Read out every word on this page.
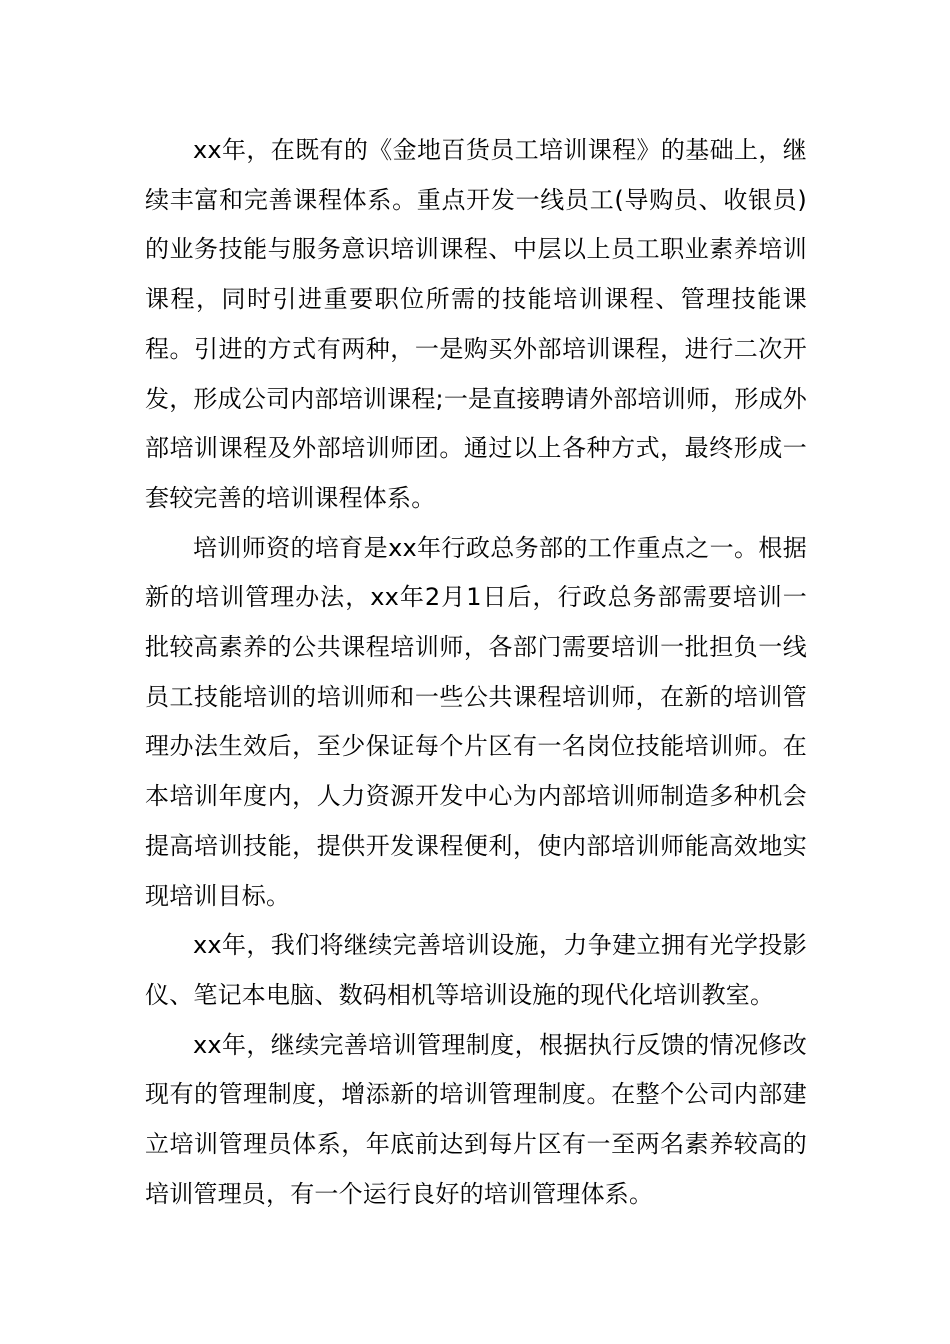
xx年，在既有的《金地百货员工培训课程》的基础上，继续丰富和完善课程体系。重点开发一线员工(导购员、收银员)的业务技能与服务意识培训课程、中层以上员工职业素养培训课程，同时引进重要职位所需的技能培训课程、管理技能课程。引进的方式有两种，一是购买外部培训课程，进行二次开发，形成公司内部培训课程;一是直接聘请外部培训师，形成外部培训课程及外部培训师团。通过以上各种方式，最终形成一套较完善的培训课程体系。

培训师资的培育是xx年行政总务部的工作重点之一。根据新的培训管理办法，xx年2月1日后，行政总务部需要培训一批较高素养的公共课程培训师，各部门需要培训一批担负一线员工技能培训的培训师和一些公共课程培训师，在新的培训管理办法生效后，至少保证每个片区有一名岗位技能培训师。在本培训年度内，人力资源开发中心为内部培训师制造多种机会提高培训技能，提供开发课程便利，使内部培训师能高效地实现培训目标。

xx年，我们将继续完善培训设施，力争建立拥有光学投影仪、笔记本电脑、数码相机等培训设施的现代化培训教室。

xx年，继续完善培训管理制度，根据执行反馈的情况修改现有的管理制度，增添新的培训管理制度。在整个公司内部建立培训管理员体系，年底前达到每片区有一至两名素养较高的培训管理员，有一个运行良好的培训管理体系。
